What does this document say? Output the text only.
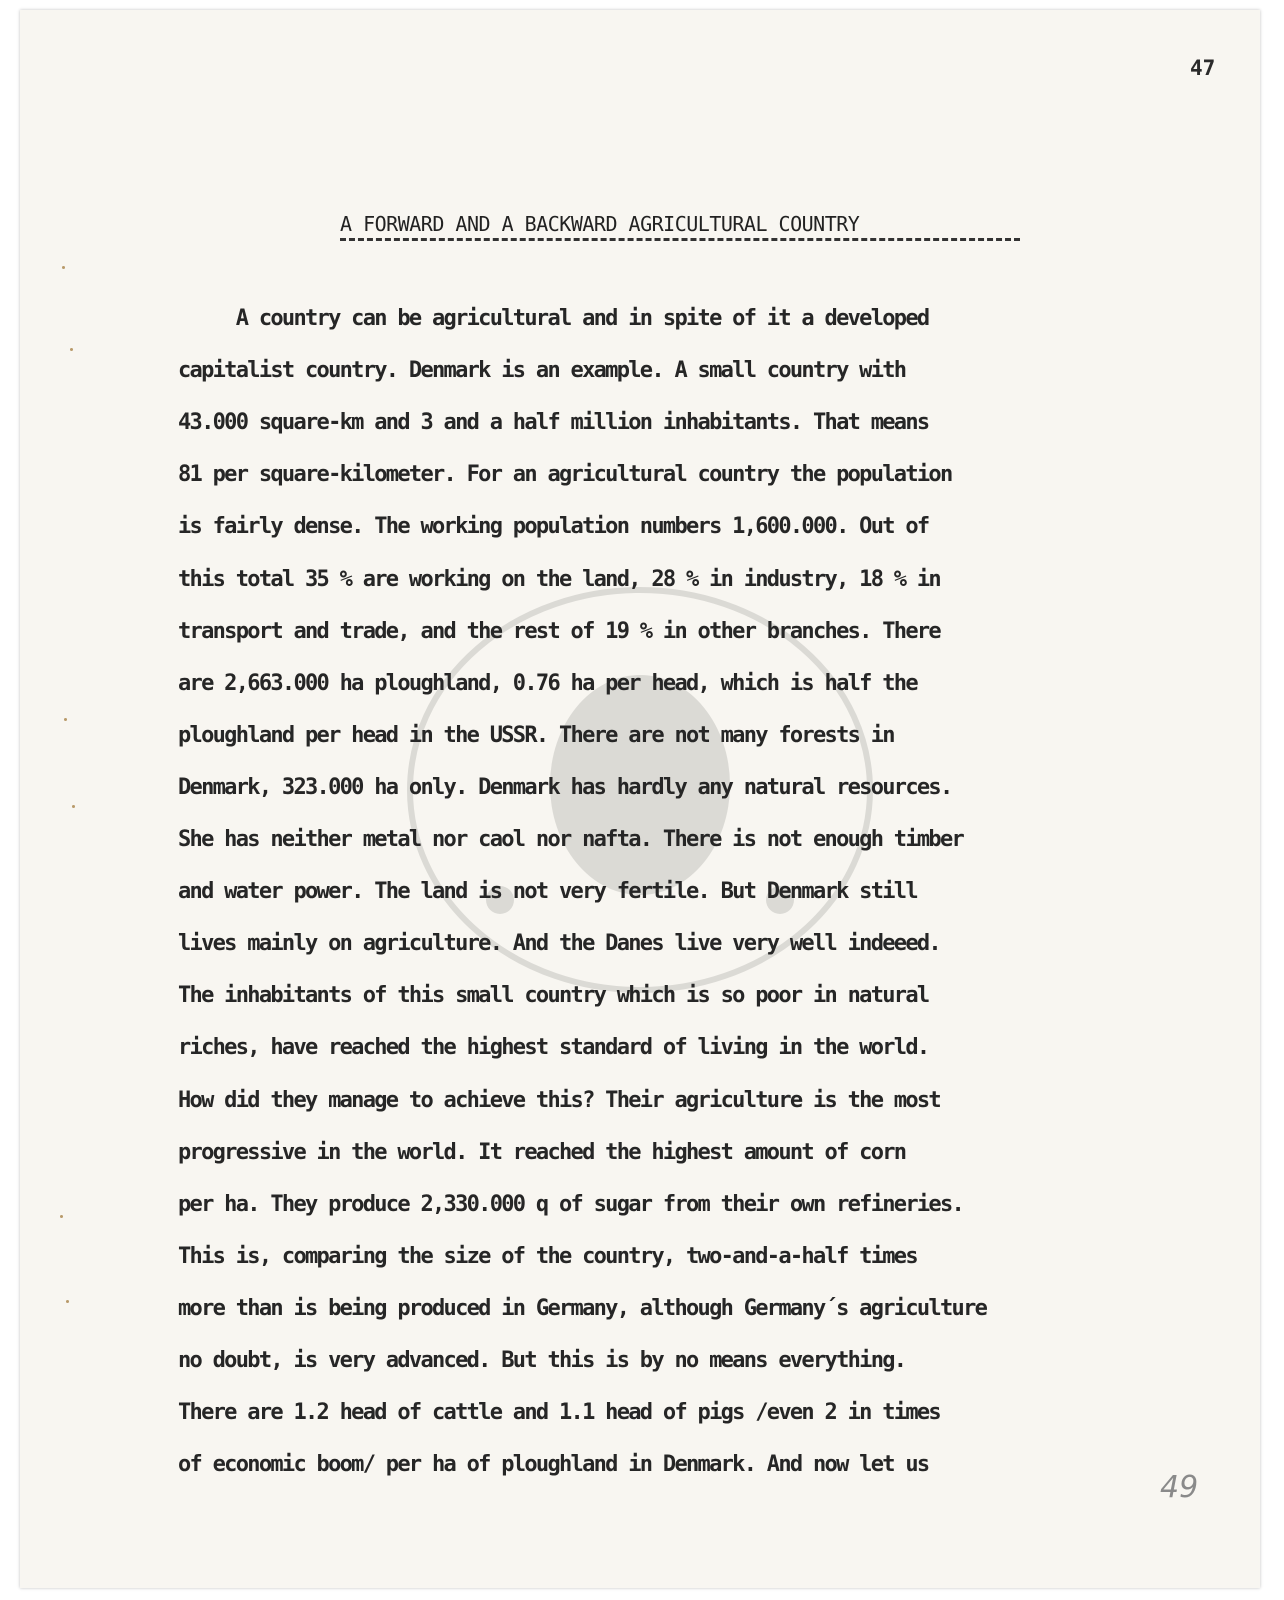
47
A FORWARD AND A BACKWARD AGRICULTURAL COUNTRY
A country can be agricultural and in spite of it a developed
capitalist country. Denmark is an example. A small country with
43.000 square-km and 3 and a half million inhabitants. That means
81 per square-kilometer. For an agricultural country the population
is fairly dense. The working population numbers 1,600.000. Out of
this total 35 % are working on the land, 28 % in industry, 18 % in
transport and trade, and the rest of 19 % in other branches. There
are 2,663.000 ha ploughland, 0.76 ha per head, which is half the
ploughland per head in the USSR. There are not many forests in
Denmark, 323.000 ha only. Denmark has hardly any natural resources.
She has neither metal nor caol nor nafta. There is not enough timber
and water power. The land is not very fertile. But Denmark still
lives mainly on agriculture. And the Danes live very well indeeed.
The inhabitants of this small country which is so poor in natural
riches, have reached the highest standard of living in the world.
How did they manage to achieve this? Their agriculture is the most
progressive in the world. It reached the highest amount of corn
per ha. They produce 2,330.000 q of sugar from their own refineries.
This is, comparing the size of the country, two-and-a-half times
more than is being produced in Germany, although Germany´s agriculture
no doubt, is very advanced. But this is by no means everything.
There are 1.2 head of cattle and 1.1 head of pigs /even 2 in times
of economic boom/ per ha of ploughland in Denmark. And now let us
49
